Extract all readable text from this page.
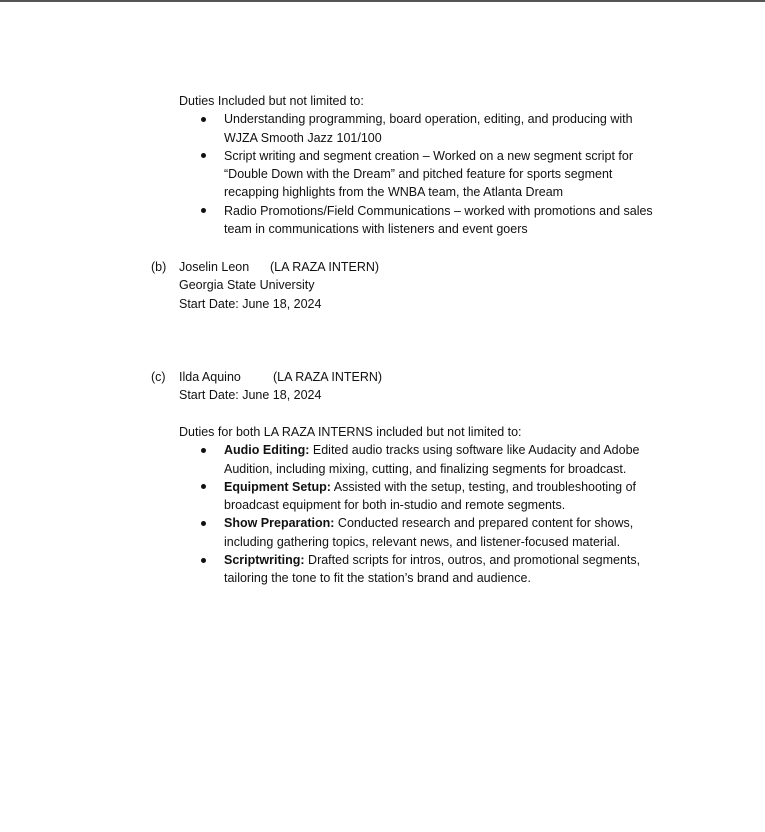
Duties Included but not limited to:
Understanding programming, board operation, editing, and producing with
WJZA Smooth Jazz 101/100
Script writing and segment creation – Worked on a new segment script for
“Double Down with the Dream” and pitched feature for sports segment
recapping highlights from the WNBA team, the Atlanta Dream
Radio Promotions/Field Communications – worked with promotions and sales
team in communications with listeners and event goers
(b)	Joselin Leon (LA RAZA INTERN)
Georgia State University
Start Date: June 18, 2024
(c)	Ilda Aquino	(LA RAZA INTERN)
Start Date: June 18, 2024
Duties for both LA RAZA INTERNS included but not limited to:
Audio Editing: Edited audio tracks using software like Audacity and Adobe
Audition, including mixing, cutting, and finalizing segments for broadcast.
Equipment Setup: Assisted with the setup, testing, and troubleshooting of
broadcast equipment for both in-studio and remote segments.
Show Preparation: Conducted research and prepared content for shows,
including gathering topics, relevant news, and listener-focused material.
Scriptwriting: Drafted scripts for intros, outros, and promotional segments,
tailoring the tone to fit the station’s brand and audience.
